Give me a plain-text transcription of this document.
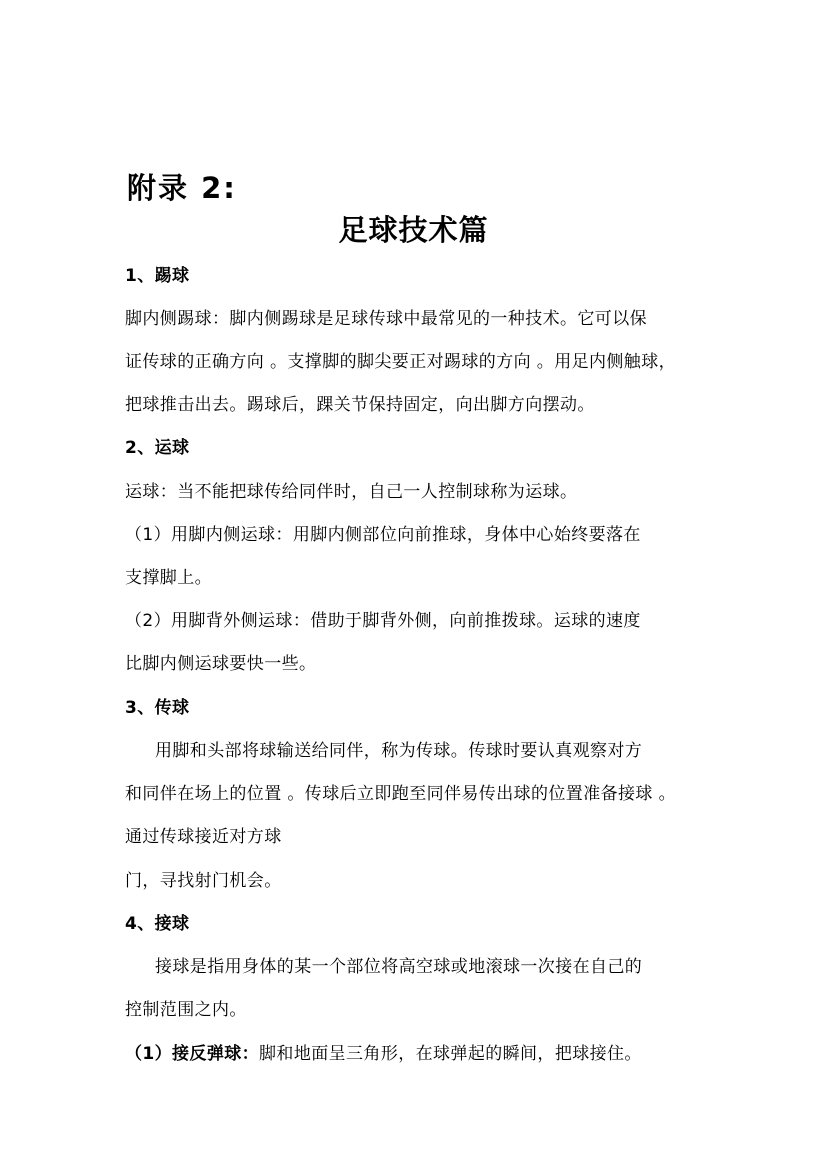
附录 2:
足球技术篇
1、踢球
脚内侧踢球：脚内侧踢球是足球传球中最常见的一种技术。它可以保
证传球的正确方向 。支撑脚的脚尖要正对踢球的方向 。用足内侧触球，
把球推击出去。踢球后，踝关节保持固定，向出脚方向摆动。
2、运球
运球：当不能把球传给同伴时，自己一人控制球称为运球。
（1）用脚内侧运球：用脚内侧部位向前推球，身体中心始终要落在
支撑脚上。
（2）用脚背外侧运球：借助于脚背外侧，向前推拨球。运球的速度
比脚内侧运球要快一些。
3、传球
用脚和头部将球输送给同伴，称为传球。传球时要认真观察对方
和同伴在场上的位置 。传球后立即跑至同伴易传出球的位置准备接球 。
通过传球接近对方球
门，寻找射门机会。
4、接球
接球是指用身体的某一个部位将高空球或地滚球一次接在自己的
控制范围之内。
（1）接反弹球：脚和地面呈三角形，在球弹起的瞬间，把球接住。
